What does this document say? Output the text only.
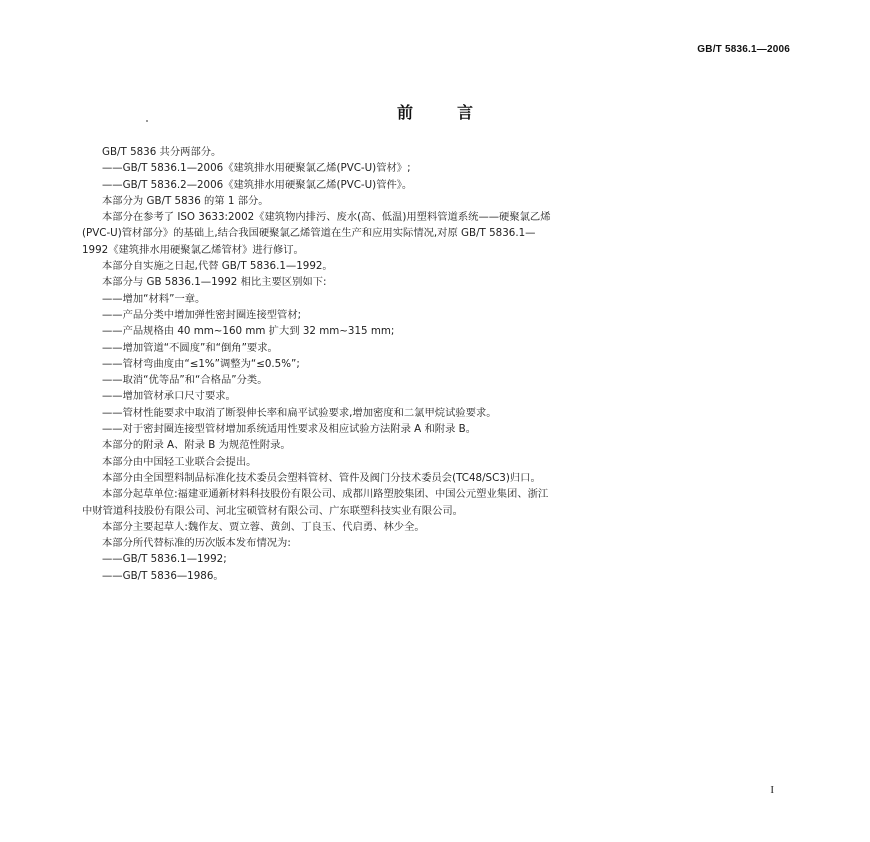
GB/T 5836.1—2006
前言
GB/T 5836 共分两部分。
——GB/T 5836.1—2006《建筑排水用硬聚氯乙烯(PVC-U)管材》;
——GB/T 5836.2—2006《建筑排水用硬聚氯乙烯(PVC-U)管件》。
本部分为 GB/T 5836 的第 1 部分。
本部分在参考了 ISO 3633:2002《建筑物内排污、废水(高、低温)用塑料管道系统——硬聚氯乙烯
(PVC-U)管材部分》的基础上,结合我国硬聚氯乙烯管道在生产和应用实际情况,对原 GB/T 5836.1—
1992《建筑排水用硬聚氯乙烯管材》进行修订。
本部分自实施之日起,代替 GB/T 5836.1—1992。
本部分与 GB 5836.1—1992 相比主要区别如下:
——增加“材料”一章。
——产品分类中增加弹性密封圈连接型管材;
——产品规格由 40 mm~160 mm 扩大到 32 mm~315 mm;
——增加管道“不圆度”和“倒角”要求。
——管材弯曲度由“≤1%”调整为“≤0.5%”;
——取消“优等品”和“合格品”分类。
——增加管材承口尺寸要求。
——管材性能要求中取消了断裂伸长率和扁平试验要求,增加密度和二氯甲烷试验要求。
——对于密封圈连接型管材增加系统适用性要求及相应试验方法附录 A 和附录 B。
本部分的附录 A、附录 B 为规范性附录。
本部分由中国轻工业联合会提出。
本部分由全国塑料制品标准化技术委员会塑料管材、管件及阀门分技术委员会(TC48/SC3)归口。
本部分起草单位:福建亚通新材料科技股份有限公司、成都川路塑胶集团、中国公元塑业集团、浙江
中财管道科技股份有限公司、河北宝硕管材有限公司、广东联塑科技实业有限公司。
本部分主要起草人:魏作友、贾立蓉、黄剑、丁良玉、代启勇、林少全。
本部分所代替标准的历次版本发布情况为:
——GB/T 5836.1—1992;
——GB/T 5836—1986。
I
